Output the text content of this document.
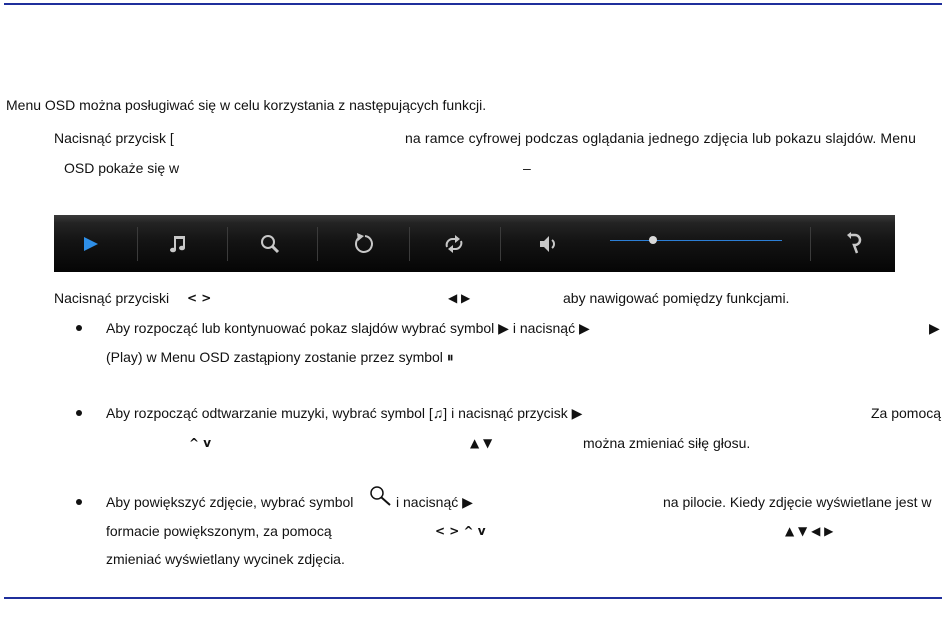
Menu OSD można posługiwać się w celu korzystania z następujących funkcji.
Nacisnąć przycisk [	na ramce cyfrowej podczas oglądania jednego zdjęcia lub pokazu slajdów. Menu
OSD pokaże się w	–
Nacisnąć przyciski < >	◀ ▶	aby nawigować pomiędzy funkcjami.
Aby rozpocząć lub kontynuować pokaz slajdów wybrać symbol ▶ i nacisnąć ▶	▶
(Play) w Menu OSD zastąpiony zostanie przez symbol ⏸
Aby rozpocząć odtwarzanie muzyki, wybrać symbol [♫] i nacisnąć przycisk ▶	Za pomocą
^ v	▲ ▼	można zmieniać siłę głosu.
Aby powiększyć zdjęcie, wybrać symbol	i nacisnąć ▶	na pilocie. Kiedy zdjęcie wyświetlane jest w
formacie powiększonym, za pomocą	< > ^ v	▲ ▼ ◀ ▶
zmieniać wyświetlany wycinek zdjęcia.
